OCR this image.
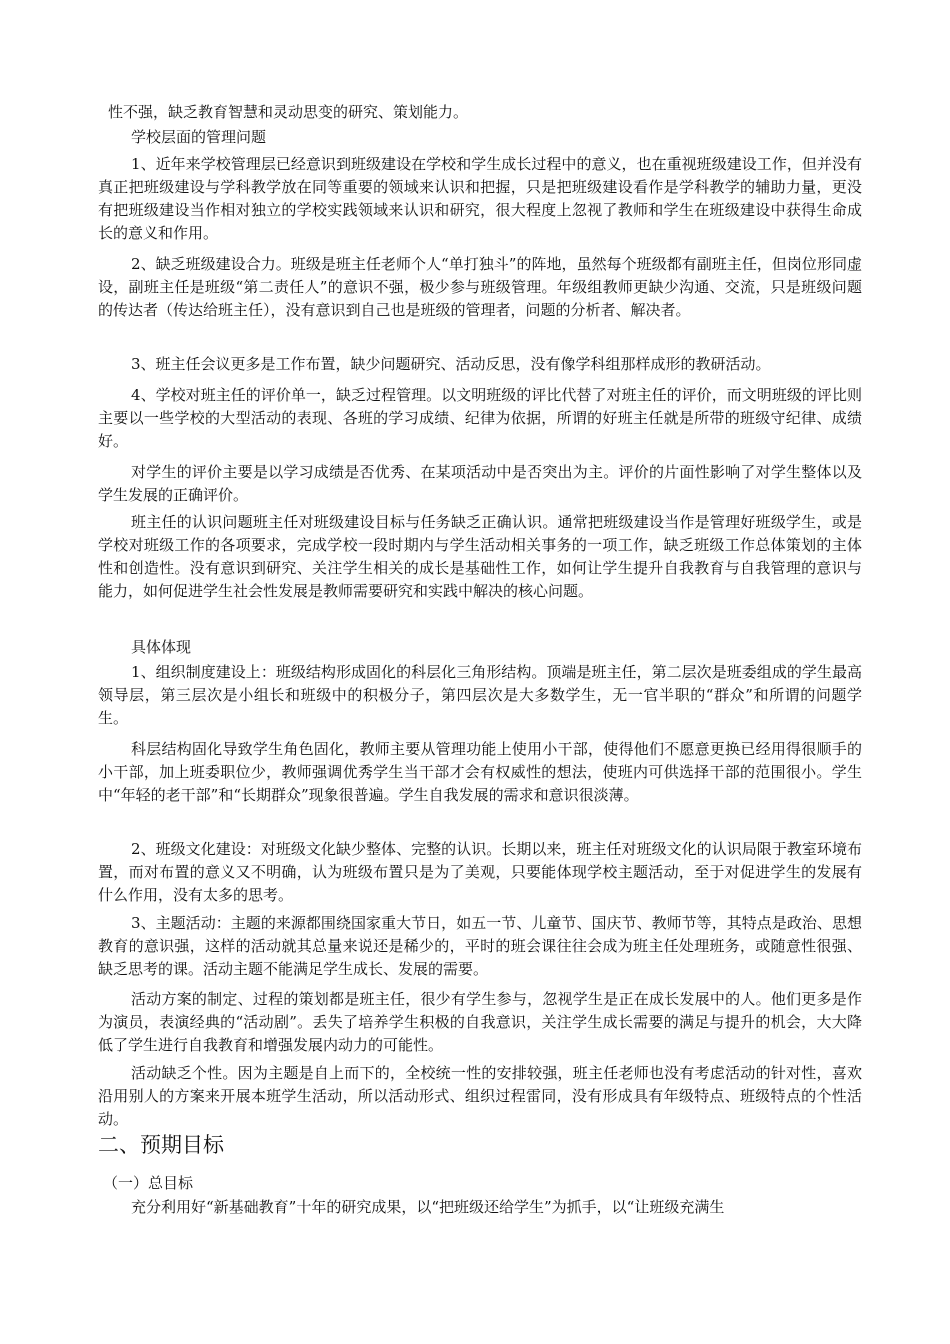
性不强，缺乏教育智慧和灵动思变的研究、策划能力。

学校层面的管理问题

1、近年来学校管理层已经意识到班级建设在学校和学生成长过程中的意义，也在重视班级建设工作，但并没有真正把班级建设与学科教学放在同等重要的领域来认识和把握，只是把班级建设看作是学科教学的辅助力量，更没有把班级建设当作相对独立的学校实践领域来认识和研究，很大程度上忽视了教师和学生在班级建设中获得生命成长的意义和作用。

2、缺乏班级建设合力。班级是班主任老师个人“单打独斗”的阵地，虽然每个班级都有副班主任，但岗位形同虚设，副班主任是班级“第二责任人”的意识不强，极少参与班级管理。年级组教师更缺少沟通、交流，只是班级问题的传达者（传达给班主任），没有意识到自己也是班级的管理者，问题的分析者、解决者。

3、班主任会议更多是工作布置，缺少问题研究、活动反思，没有像学科组那样成形的教研活动。

4、学校对班主任的评价单一，缺乏过程管理。以文明班级的评比代替了对班主任的评价，而文明班级的评比则主要以一些学校的大型活动的表现、各班的学习成绩、纪律为依据，所谓的好班主任就是所带的班级守纪律、成绩好。

对学生的评价主要是以学习成绩是否优秀、在某项活动中是否突出为主。评价的片面性影响了对学生整体以及学生发展的正确评价。

班主任的认识问题班主任对班级建设目标与任务缺乏正确认识。通常把班级建设当作是管理好班级学生，或是学校对班级工作的各项要求，完成学校一段时期内与学生活动相关事务的一项工作，缺乏班级工作总体策划的主体性和创造性。没有意识到研究、关注学生相关的成长是基础性工作，如何让学生提升自我教育与自我管理的意识与能力，如何促进学生社会性发展是教师需要研究和实践中解决的核心问题。

具体体现

1、组织制度建设上：班级结构形成固化的科层化三角形结构。顶端是班主任，第二层次是班委组成的学生最高领导层，第三层次是小组长和班级中的积极分子，第四层次是大多数学生，无一官半职的“群众”和所谓的问题学生。

科层结构固化导致学生角色固化，教师主要从管理功能上使用小干部，使得他们不愿意更换已经用得很顺手的小干部，加上班委职位少，教师强调优秀学生当干部才会有权威性的想法，使班内可供选择干部的范围很小。学生中“年轻的老干部”和“长期群众”现象很普遍。学生自我发展的需求和意识很淡薄。

2、班级文化建设：对班级文化缺少整体、完整的认识。长期以来，班主任对班级文化的认识局限于教室环境布置，而对布置的意义又不明确，认为班级布置只是为了美观，只要能体现学校主题活动，至于对促进学生的发展有什么作用，没有太多的思考。

3、主题活动：主题的来源都围绕国家重大节日，如五一节、儿童节、国庆节、教师节等，其特点是政治、思想教育的意识强，这样的活动就其总量来说还是稀少的，平时的班会课往往会成为班主任处理班务，或随意性很强、缺乏思考的课。活动主题不能满足学生成长、发展的需要。

活动方案的制定、过程的策划都是班主任，很少有学生参与，忽视学生是正在成长发展中的人。他们更多是作为演员，表演经典的“活动剧”。丢失了培养学生积极的自我意识，关注学生成长需要的满足与提升的机会，大大降低了学生进行自我教育和增强发展内动力的可能性。

活动缺乏个性。因为主题是自上而下的，全校统一性的安排较强，班主任老师也没有考虑活动的针对性，喜欢沿用别人的方案来开展本班学生活动，所以活动形式、组织过程雷同，没有形成具有年级特点、班级特点的个性活动。

二、预期目标
（一）总目标

充分利用好“新基础教育”十年的研究成果，以“把班级还给学生”为抓手，以“让班级充满生
